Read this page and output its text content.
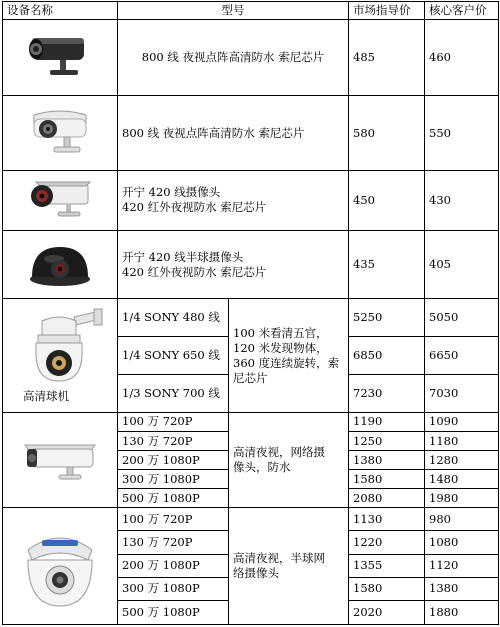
设备名称	型号		市场指导价	核心客户价

800 线 夜视点阵高清防水 索尼芯片		485	460

800 线 夜视点阵高清防水 索尼芯片		580	550

开宁 420 线摄像头
420 红外夜视防水 索尼芯片		450	430

开宁 420 线半球摄像头
420 红外夜视防水 索尼芯片		435	405

高清球机	1/4 SONY 480 线	100 米看清五官，
120 米发现物体，
360 度连续旋转，索
尼芯片	5250	5050
	1/4 SONY 650 线		6850	6650
	1/3 SONY 700 线		7230	7030

	100 万 720P	高清夜视，网络摄
像头，防水	1190	1090
	130 万 720P		1250	1180
	200 万 1080P		1380	1280
	300 万 1080P		1580	1480
	500 万 1080P		2080	1980

	100 万 720P	高清夜视，半球网
络摄像头	1130	980
	130 万 720P		1220	1080
	200 万 1080P		1355	1120
	300 万 1080P		1580	1380
	500 万 1080P		2020	1880
